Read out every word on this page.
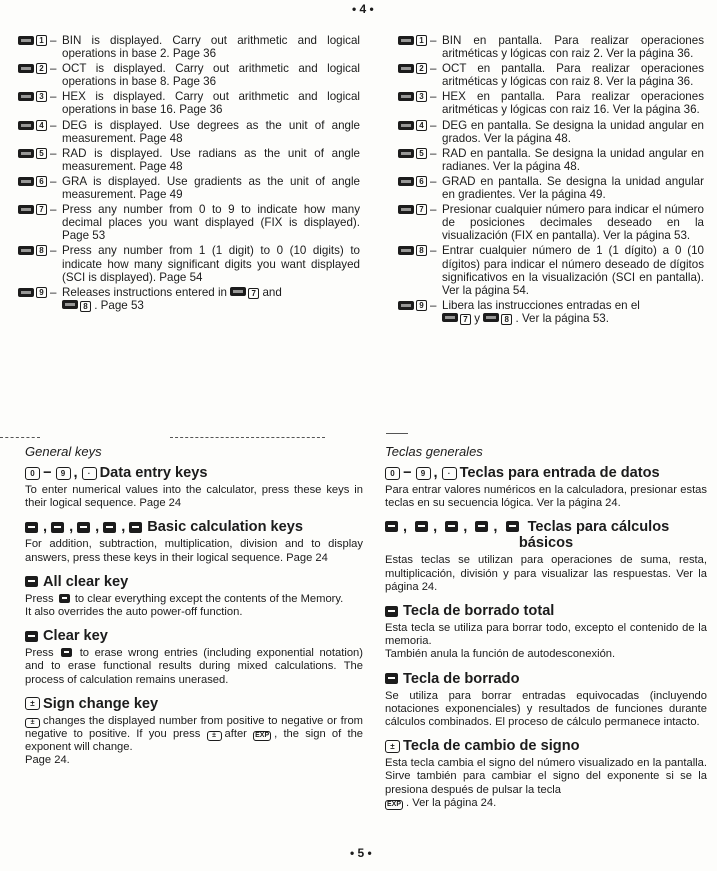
• 4 •
1 – BIN is displayed. Carry out arithmetic and logical operations in base 2. Page 36
2 – OCT is displayed. Carry out arithmetic and logical operations in base 8. Page 36
3 – HEX is displayed. Carry out arithmetic and logical operations in base 16. Page 36
4 – DEG is displayed. Use degrees as the unit of angle measurement. Page 48
5 – RAD is displayed. Use radians as the unit of angle measurement. Page 48
6 – GRA is displayed. Use gradients as the unit of angle measurement. Page 49
7 – Press any number from 0 to 9 to indicate how many decimal places you want displayed (FIX is displayed). Page 53
8 – Press any number from 1 (1 digit) to 0 (10 digits) to indicate how many significant digits you want displayed (SCI is displayed). Page 54
9 – Releases instructions entered in	7 and
8 . Page 53
1 – BIN en pantalla. Para realizar operaciones aritméticas y lógicas con raiz 2. Ver la página 36.
2 – OCT en pantalla. Para realizar operaciones aritméticas y lógicas con raiz 8. Ver la página 36.
3 – HEX en pantalla. Para realizar operaciones aritméticas y lógicas con raiz 16. Ver la página 36.
4 – DEG en pantalla. Se designa la unidad angular en grados. Ver la página 48.
5 – RAD en pantalla. Se designa la unidad angular en radianes. Ver la página 48.
6 – GRAD en pantalla. Se designa la unidad angular en gradientes. Ver la página 49.
7 – Presionar cualquier número para indicar el número de posiciones decimales deseado en la visualización (FIX en pantalla). Ver la página 53.
8 – Entrar cualquier número de 1 (1 dígito) a 0 (10 dígitos) para indicar el número deseado de dígitos significativos en la visualización (SCI en pantalla). Ver la página 54.
9 – Libera las instrucciones entradas en el
7 y	8 . Ver la página 53.
General keys
0 −	9 ,	· Data entry keys

To enter numerical values into the calculator, press these keys in their logical sequence. Page 24

, , , , Basic calculation keys

For addition, subtraction, multiplication, division and to display answers, press these keys in their logical sequence. Page 24

All clear key

Press to clear everything except the contents of the Memory.

It also overrides the auto power-off function.

Clear key

Press to erase wrong entries (including exponential notation) and to erase functional results during mixed calculations. The process of calculation remains unerased.

± Sign change key

± changes the displayed number from positive to negative or from negative to positive. If you press ± after EXP , the sign of the exponent will change.
Page 24.

Teclas generales
0 −	9 ,	· Teclas para entrada de datos

Para entrar valores numéricos en la calculadora, presionar estas teclas en su secuencia lógica. Ver la página 24.

, , , , Teclas para cálculos
básicos

Estas teclas se utilizan para operaciones de suma, resta, multiplicación, división y para visualizar las respuestas. Ver la página 24.

Tecla de borrado total

Esta tecla se utiliza para borrar todo, excepto el contenido de la memoria.

También anula la función de autodesconexión.

Tecla de borrado

Se utiliza para borrar entradas equivocadas (incluyendo notaciones exponenciales) y resultados de funciones durante cálculos combinados. El proceso de cálculo permanece intacto.

± Tecla de cambio de signo

Esta tecla cambia el signo del número visualizado en la pantalla. Sirve también para cambiar el signo del exponente si se la presiona después de pulsar la tecla
EXP . Ver la página 24.

• 5 •
